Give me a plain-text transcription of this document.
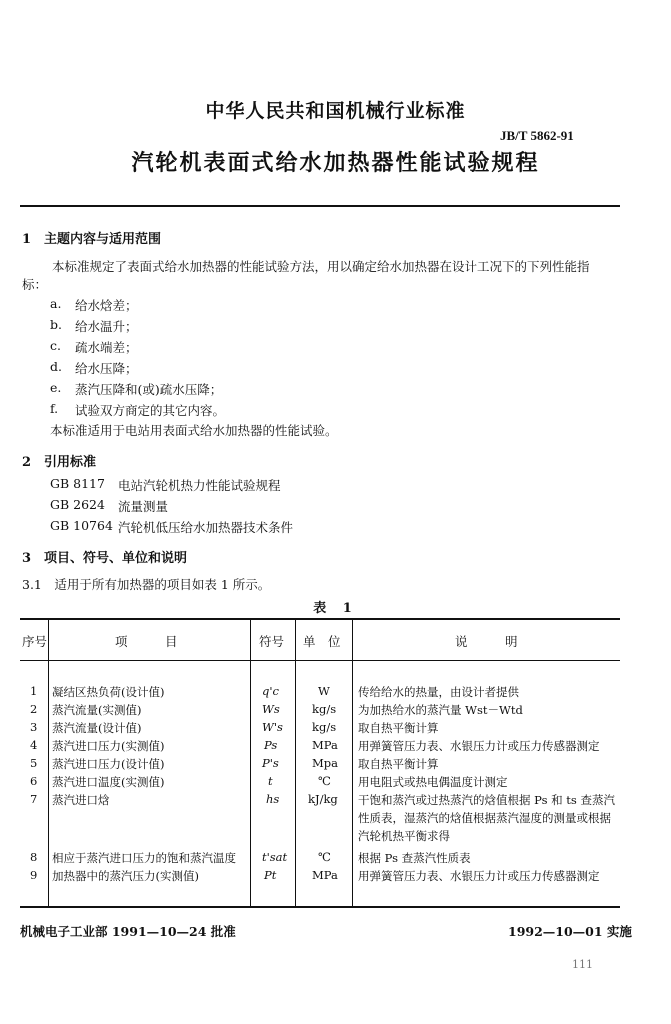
中华人民共和国机械行业标准
JB/T 5862-91
汽轮机表面式给水加热器性能试验规程
1　主题内容与适用范围
本标准规定了表面式给水加热器的性能试验方法，用以确定给水加热器在设计工况下的下列性能指
标：
a. 给水焓差；
b. 给水温升；
c. 疏水端差；
d. 给水压降；
e. 蒸汽压降和(或)疏水压降；
f. 试验双方商定的其它内容。
本标准适用于电站用表面式给水加热器的性能试验。
2　引用标准
GB 8117 电站汽轮机热力性能试验规程
GB 2624 流量测量
GB 10764 汽轮机低压给水加热器技术条件
3　项目、符号、单位和说明
3.1　适用于所有加热器的项目如表 1 所示。
表 1
序号	项　　　目	符号 单　位	说　　　明
1 凝结区热负荷(设计值)	q'c	W 传给给水的热量，由设计者提供
2 蒸汽流量(实测值)	Ws	kg/s 为加热给水的蒸汽量 Wst－Wtd
3 蒸汽流量(设计值)	W's	kg/s 取自热平衡计算
4 蒸汽进口压力(实测值)	Ps	MPa 用弹簧管压力表、水银压力计或压力传感器测定
5 蒸汽进口压力(设计值)	P's	Mpa 取自热平衡计算
6 蒸汽进口温度(实测值)	t	℃ 用电阻式或热电偶温度计测定
7 蒸汽进口焓	hs kJ/kg 干饱和蒸汽或过热蒸汽的焓值根据 Ps 和 ts 查蒸汽
性质表，湿蒸汽的焓值根据蒸汽湿度的测量或根据
汽轮机热平衡求得
8 相应于蒸汽进口压力的饱和蒸汽温度 t'sat	℃ 根据 Ps 查蒸汽性质表
9 加热器中的蒸汽压力(实测值)	Pt	MPa 用弹簧管压力表、水银压力计或压力传感器测定
机械电子工业部 1991—10—24 批准	1992—10—01 实施
111
